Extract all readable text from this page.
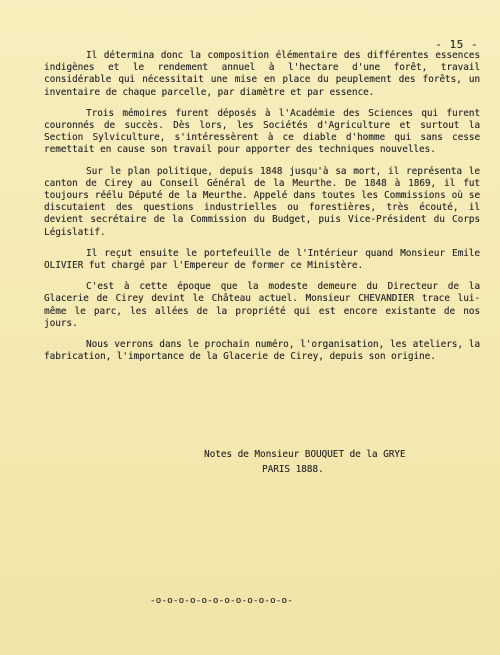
- 15 -

Il détermina donc la composition élémentaire des différentes essences indigènes et le rendement annuel à l'hectare d'une forêt, travail considérable qui nécessitait une mise en place du peuplement des forêts, un inventaire de chaque parcelle, par diamètre et par essence.

Trois mémoires furent déposés à l'Académie des Sciences qui furent couronnés de succès. Dès lors, les Sociétés d'Agriculture et surtout la Section Sylviculture, s'intéressèrent à ce diable d'homme qui sans cesse remettait en cause son travail pour apporter des techniques nouvelles.

Sur le plan politique, depuis 1848 jusqu'à sa mort, il représenta le canton de Cirey au Conseil Général de la Meurthe. De 1848 à 1869, il fut toujours réélu Député de la Meurthe. Appelé dans toutes les Commissions où se discutaient des questions industrielles ou forestières, très écouté, il devient secrétaire de la Commission du Budget, puis Vice-Président du Corps Législatif.

Il reçut ensuite le portefeuille de l'Intérieur quand Monsieur Emile OLIVIER fut chargé par l'Empereur de former ce Ministère.

C'est à cette époque que la modeste demeure du Directeur de la Glacerie de Cirey devint le Château actuel. Monsieur CHEVANDIER trace lui-même le parc, les allées de la propriété qui est encore existante de nos jours.

Nous verrons dans le prochain numéro, l'organisation, les ateliers, la fabrication, l'importance de la Glacerie de Cirey, depuis son origine.

Notes de Monsieur BOUQUET de la GRYE
PARIS 1888.
-o-o-o-o-o-o-o-o-o-o-o-o-
